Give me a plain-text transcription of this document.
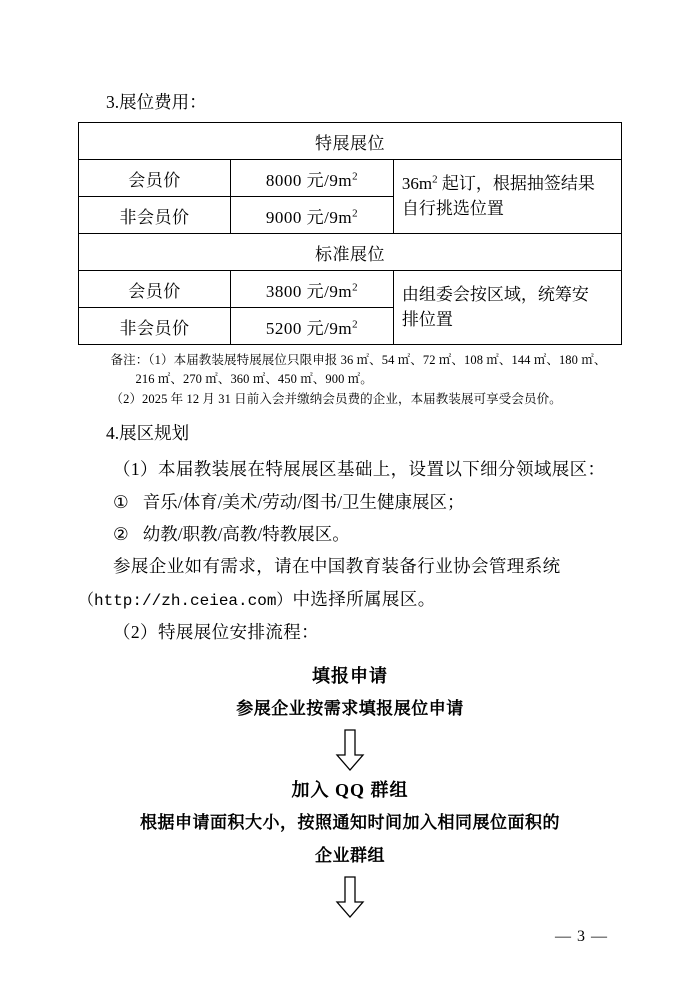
3.展位费用：
特展展位		
会员价	8000 元$/9m^2$	$36m^2$ 起订，根据抽签结果
自行挑选位置
非会员价	9000 元$/9m^2$
标准展位		
会员价	3800 元$/9m^2$	由组委会按区域，统筹安
排位置
非会员价	5200 元$/9m^2$
备注：（1）本届教装展特展展位只限申报 36 ㎡、54 ㎡、72 ㎡、108 ㎡、144 ㎡、180 ㎡、
216 ㎡、270 ㎡、360 ㎡、450 ㎡、900 ㎡。
（2）2025 年 12 月 31 日前入会并缴纳会员费的企业，本届教装展可享受会员价。
4.展区规划

（1）本届教装展在特展展区基础上，设置以下细分领域展区：

① 音乐/体育/美术/劳动/图书/卫生健康展区；
② 幼教/职教/高教/特教展区。

参展企业如有需求，请在中国教育装备行业协会管理系统（http://zh.ceiea.com）中选择所属展区。

（2）特展展位安排流程：

填报申请
参展企业按需求填报展位申请
加入 QQ 群组
根据申请面积大小，按照通知时间加入相同展位面积的
企业群组
— 3 —
